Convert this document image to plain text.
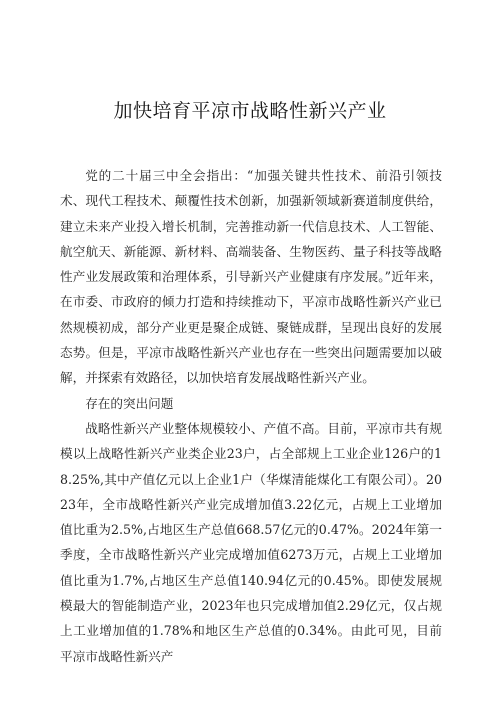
加快培育平凉市战略性新兴产业

党的二十届三中全会指出：“加强关键共性技术、前沿引领技术、现代工程技术、颠覆性技术创新，加强新领域新赛道制度供给，建立未来产业投入增长机制，完善推动新一代信息技术、人工智能、航空航天、新能源、新材料、高端装备、生物医药、量子科技等战略性产业发展政策和治理体系，引导新兴产业健康有序发展。”近年来，在市委、市政府的倾力打造和持续推动下，平凉市战略性新兴产业已然规模初成，部分产业更是聚企成链、聚链成群，呈现出良好的发展态势。但是，平凉市战略性新兴产业也存在一些突出问题需要加以破解，并探索有效路径，以加快培育发展战略性新兴产业。

存在的突出问题

战略性新兴产业整体规模较小、产值不高。目前，平凉市共有规模以上战略性新兴产业类企业23户，占全部规上工业企业126户的18.25%,其中产值亿元以上企业1户（华煤清能煤化工有限公司）。2023年，全市战略性新兴产业完成增加值3.22亿元，占规上工业增加值比重为2.5%,占地区生产总值668.57亿元的0.47%。2024年第一季度，全市战略性新兴产业完成增加值6273万元，占规上工业增加值比重为1.7%,占地区生产总值140.94亿元的0.45%。即使发展规模最大的智能制造产业，2023年也只完成增加值2.29亿元，仅占规上工业增加值的1.78%和地区生产总值的0.34%。由此可见，目前平凉市战略性新兴产
